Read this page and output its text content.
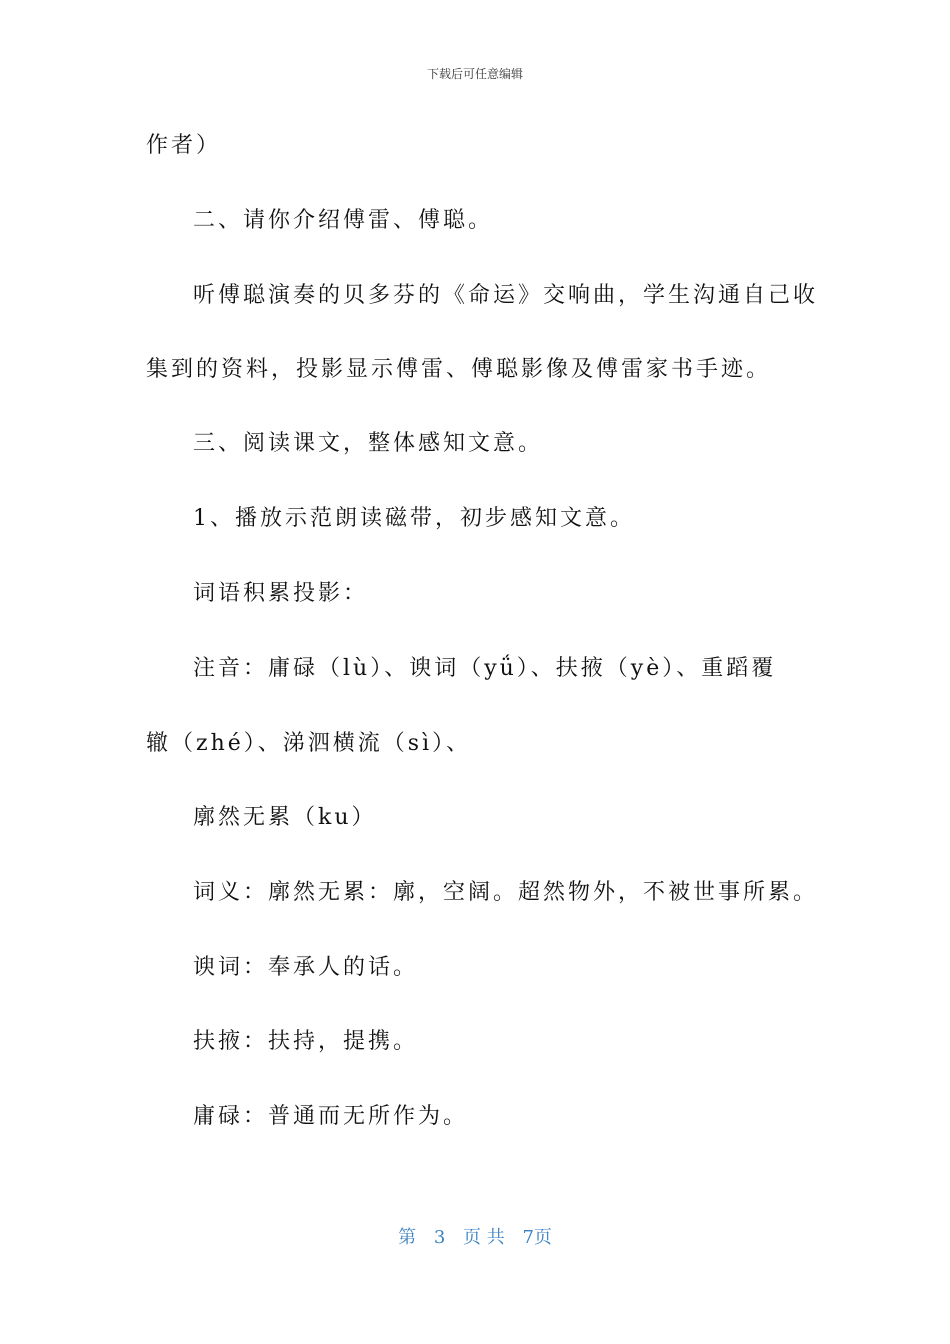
下载后可任意编辑
作者）
二、请你介绍傅雷、傅聪。
听傅聪演奏的贝多芬的《命运》交响曲，学生沟通自己收
集到的资料，投影显示傅雷、傅聪影像及傅雷家书手迹。
三、阅读课文，整体感知文意。
1、播放示范朗读磁带，初步感知文意。
词语积累投影：
注音：庸碌（lù）、谀词（yǘ）、扶掖（yè）、重蹈覆
辙（zhé）、涕泗横流（sì）、
廓然无累（ku）
词义：廓然无累：廓，空阔。超然物外，不被世事所累。
谀词：奉承人的话。
扶掖：扶持，提携。
庸碌：普通而无所作为。
第 3 页 共 7页
